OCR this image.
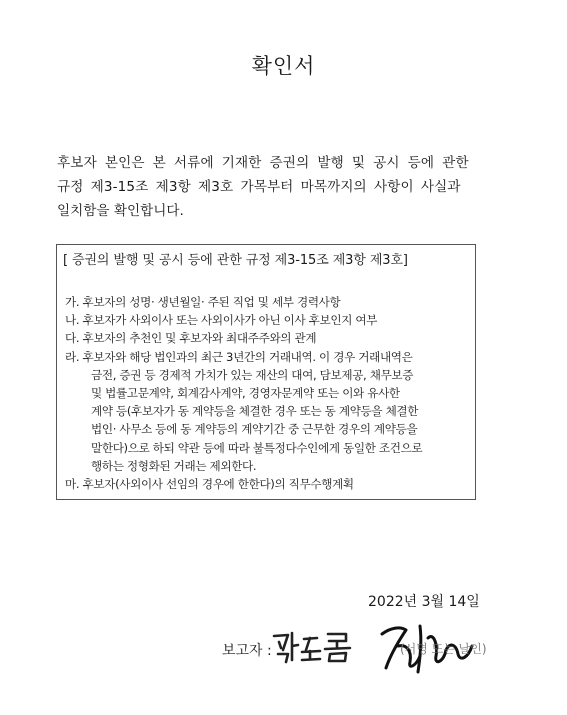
확인서

후보자 본인은 본 서류에 기재한 증권의 발행 및 공시 등에 관한
규정 제3-15조 제3항 제3호 가목부터 마목까지의 사항이 사실과
일치함을 확인합니다.

[ 증권의 발행 및 공시 등에 관한 규정 제3-15조 제3항 제3호]
가. 후보자의 성명· 생년월일· 주된 직업 및 세부 경력사항
나. 후보자가 사외이사 또는 사외이사가 아닌 이사 후보인지 여부
다. 후보자의 추천인 및 후보자와 최대주주와의 관계
라. 후보자와 해당 법인과의 최근 3년간의 거래내역. 이 경우 거래내역은
금전, 증권 등 경제적 가치가 있는 재산의 대여, 담보제공, 채무보증
및 법률고문계약, 회계감사계약, 경영자문계약 또는 이와 유사한
계약 등(후보자가 동 계약등을 체결한 경우 또는 동 계약등을 체결한
법인· 사무소 등에 동 계약등의 계약기간 중 근무한 경우의 계약등을
말한다)으로 하되 약관 등에 따라 불특정다수인에게 동일한 조건으로
행하는 정형화된 거래는 제외한다.
마. 후보자(사외이사 선임의 경우에 한한다)의 직무수행계획
2022년 3월 14일
보고자 :	(서명 또는 날인)
